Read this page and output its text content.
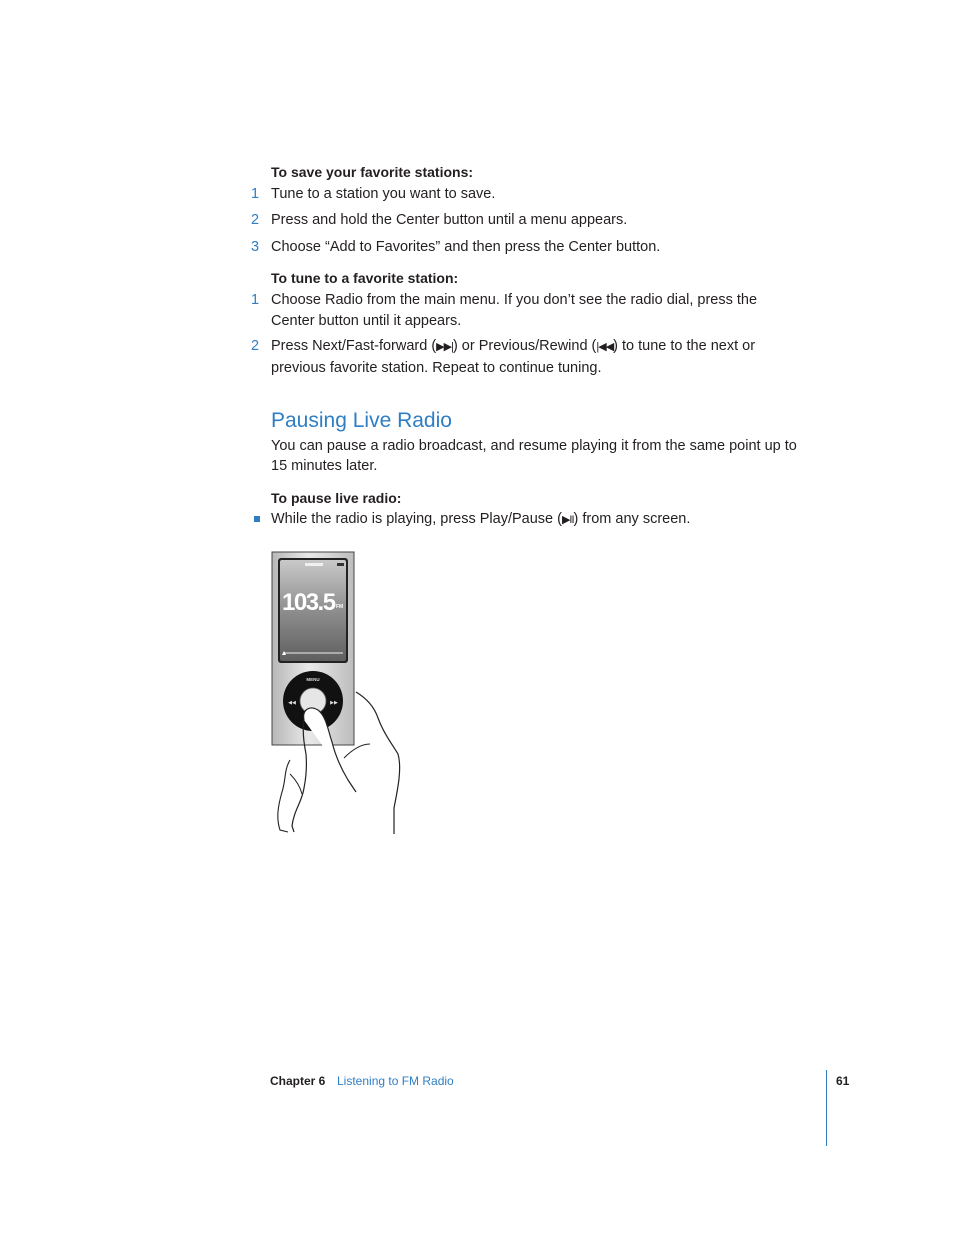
To save your favorite stations:
1 Tune to a station you want to save.
2 Press and hold the Center button until a menu appears.
3 Choose “Add to Favorites” and then press the Center button.
To tune to a favorite station:
1 Choose Radio from the main menu. If you don’t see the radio dial, press the Center button until it appears.
2 Press Next/Fast-forward (▶▶|) or Previous/Rewind (|◀◀) to tune to the next or previous favorite station. Repeat to continue tuning.
Pausing Live Radio
You can pause a radio broadcast, and resume playing it from the same point up to 15 minutes later.
To pause live radio:
While the radio is playing, press Play/Pause (▶II) from any screen.
103.5 FM
MENU
◀◀	▶▶
Chapter 6 Listening to FM Radio	61
